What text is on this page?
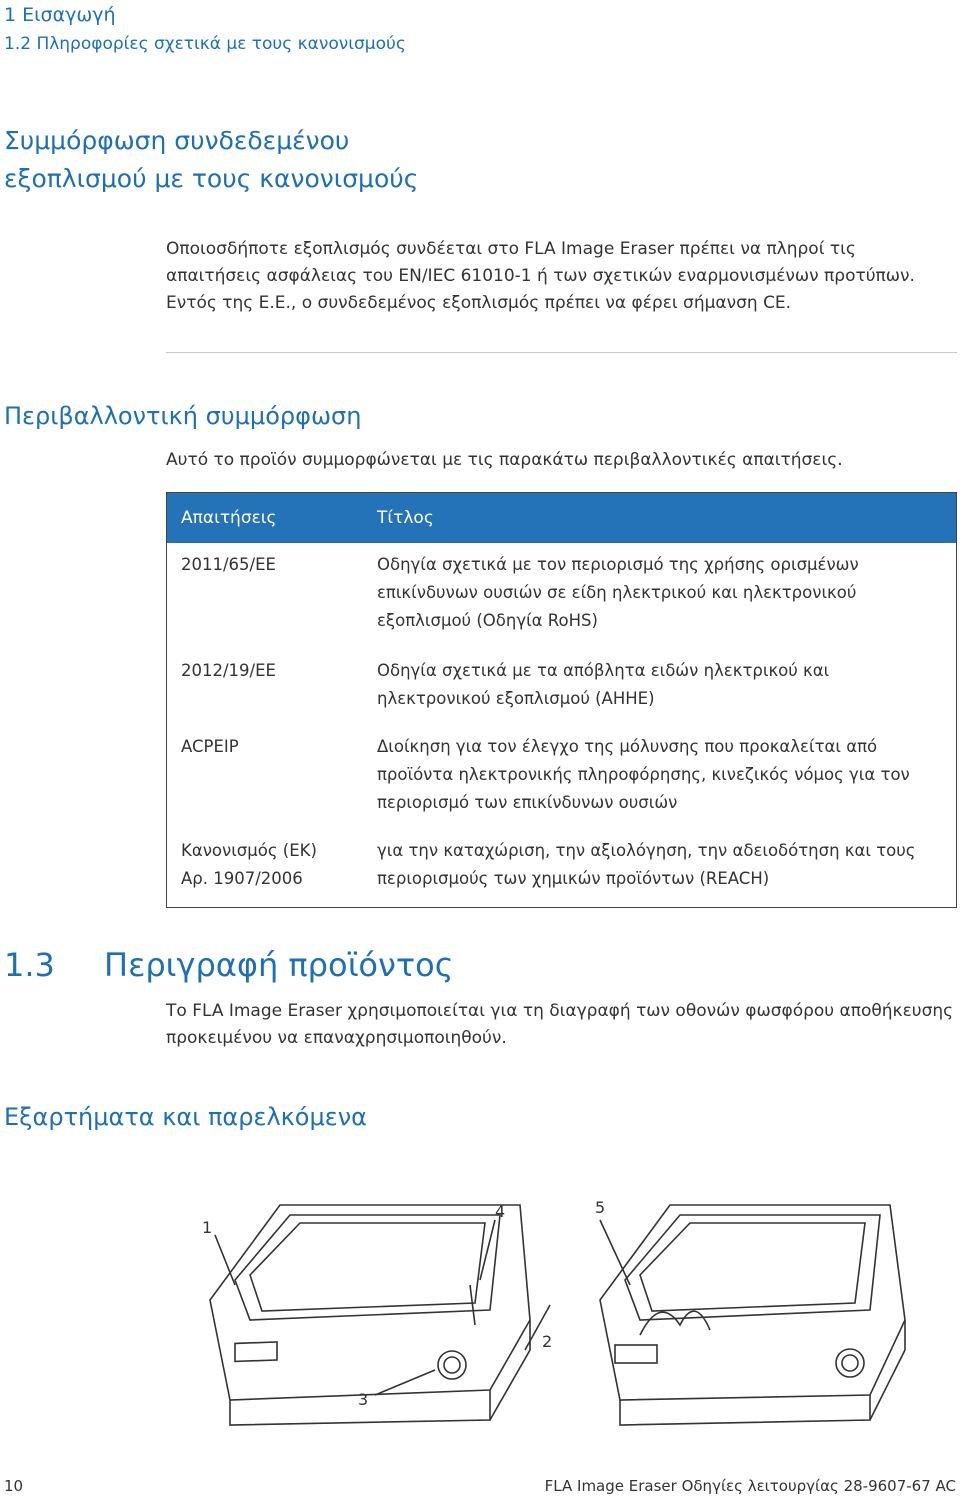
1 Εισαγωγή
1.2 Πληροφορίες σχετικά με τους κανονισμούς
Συμμόρφωση συνδεδεμένου εξοπλισμού με τους κανονισμούς
Οποιοσδήποτε εξοπλισμός συνδέεται στο FLA Image Eraser πρέπει να πληροί τις απαιτήσεις ασφάλειας του EN/IEC 61010-1 ή των σχετικών εναρμονισμένων προτύπων. Εντός της Ε.Ε., ο συνδεδεμένος εξοπλισμός πρέπει να φέρει σήμανση CE.
Περιβαλλοντική συμμόρφωση
Αυτό το προϊόν συμμορφώνεται με τις παρακάτω περιβαλλοντικές απαιτήσεις.
Απαιτήσεις	Τίτλος
2011/65/ΕΕ	Οδηγία σχετικά με τον περιορισμό της χρήσης ορισμένων επικίνδυνων ουσιών σε είδη ηλεκτρικού και ηλεκτρονικού εξοπλισμού (Οδηγία RoHS)
2012/19/ΕΕ	Οδηγία σχετικά με τα απόβλητα ειδών ηλεκτρικού και ηλεκτρονικού εξοπλισμού (ΑΗΗΕ)
ACPEIP	Διοίκηση για τον έλεγχο της μόλυνσης που προκαλείται από προϊόντα ηλεκτρονικής πληροφόρησης, κινεζικός νόμος για τον περιορισμό των επικίνδυνων ουσιών
Κανονισμός (ΕΚ) Αρ. 1907/2006	για την καταχώριση, την αξιολόγηση, την αδειοδότηση και τους περιορισμούς των χημικών προϊόντων (REACH)
1.3 Περιγραφή προϊόντος
Το FLA Image Eraser χρησιμοποιείται για τη διαγραφή των οθονών φωσφόρου αποθήκευσης προκειμένου να επαναχρησιμοποιηθούν.
Εξαρτήματα και παρελκόμενα
1
4	5
2
3
10	FLA Image Eraser Οδηγίες λειτουργίας 28-9607-67 AC
